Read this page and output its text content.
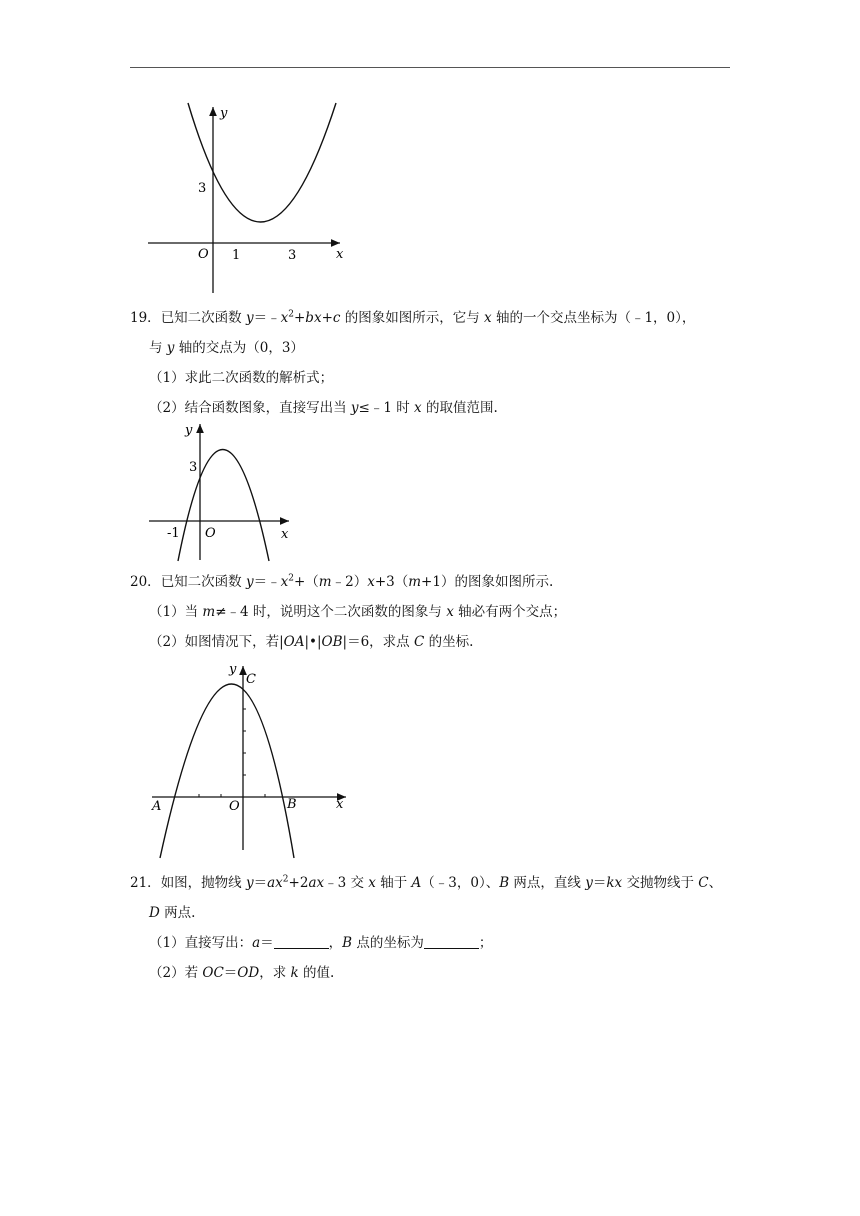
y
x
O
3
1	3
19．已知二次函数 $y=﹣x^2+bx+c$ 的图象如图所示，它与 x 轴的一个交点坐标为（﹣1，0），
与 y 轴的交点为（0，3）
（1）求此二次函数的解析式；
（2）结合函数图象，直接写出当 y≤﹣1 时 x 的取值范围.
y
x
O
3
-1
20．已知二次函数 $y=﹣x^2+(m﹣2)x+3(m+1)$的图象如图所示.
（1）当 m≠﹣4 时，说明这个二次函数的图象与 x 轴必有两个交点；
（2）如图情况下，若|OA|•|OB|＝6，求点 C 的坐标.
y
C
x
O
A	B
21．如图，抛物线 $y=ax^2+2ax﹣3$ 交 x 轴于 A（﹣3，0）、B 两点，直线 y＝kx 交抛物线于 C、
D 两点.
（1）直接写出：a＝	，B 点的坐标为	；
（2）若 OC＝OD，求 k 的值.
